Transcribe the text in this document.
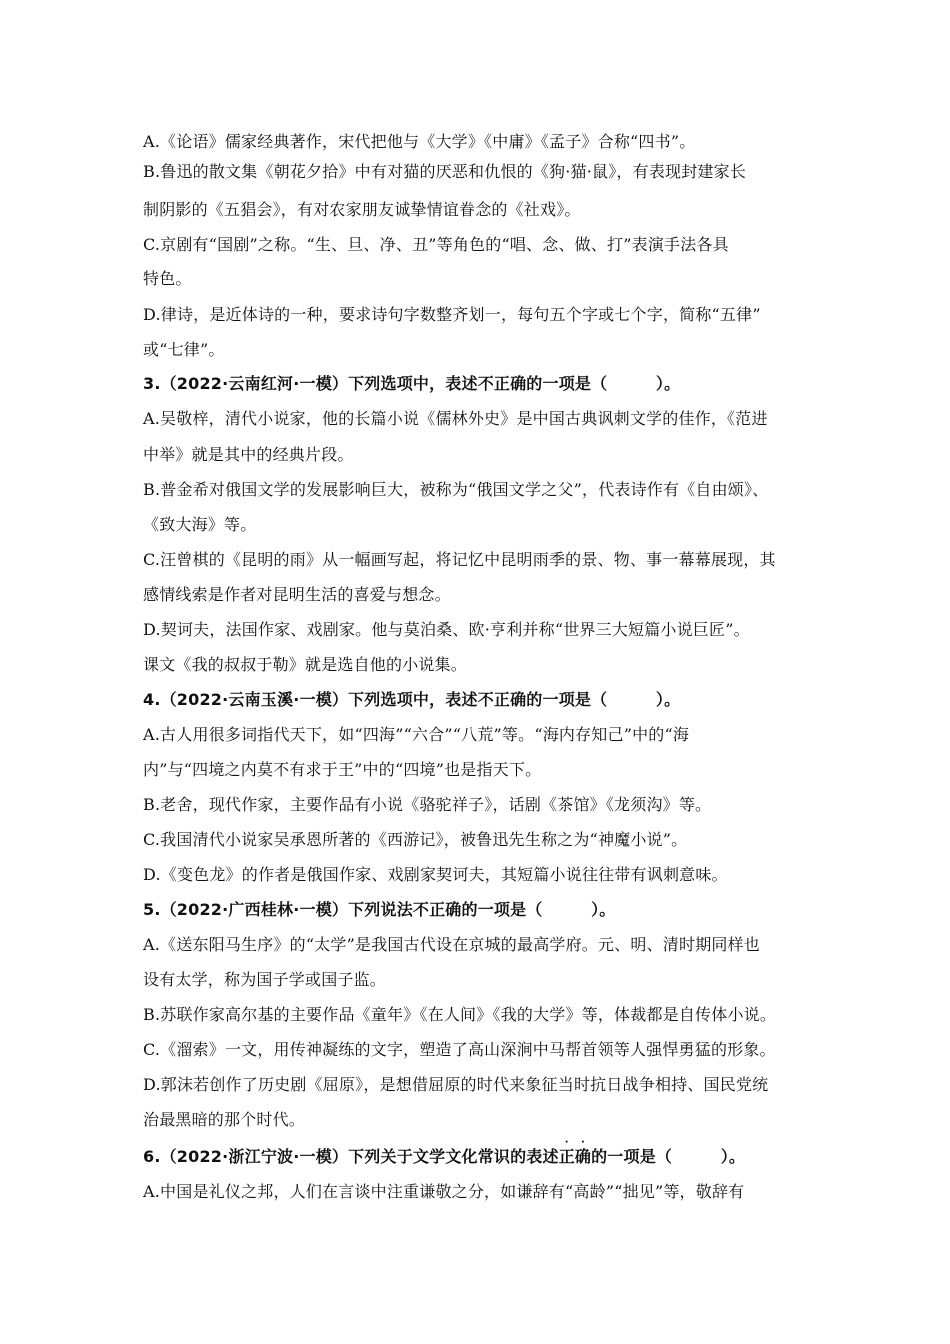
A.《论语》儒家经典著作，宋代把他与《大学》《中庸》《孟子》合称“四书”。
B.鲁迅的散文集《朝花夕拾》中有对猫的厌恶和仇恨的《狗·猫·鼠》，有表现封建家长
制阴影的《五猖会》，有对农家朋友诚挚情谊眷念的《社戏》。
C.京剧有“国剧”之称。“生、旦、净、丑”等角色的“唱、念、做、打”表演手法各具
特色。
D.律诗，是近体诗的一种，要求诗句字数整齐划一，每句五个字或七个字，简称“五律”
或“七律”。
3.（2022·云南红河·一模）下列选项中，表述不正确的一项是（　　　）。
A.吴敬梓，清代小说家，他的长篇小说《儒林外史》是中国古典讽刺文学的佳作，《范进
中举》就是其中的经典片段。
B.普金希对俄国文学的发展影响巨大，被称为“俄国文学之父”，代表诗作有《自由颂》、
《致大海》等。
C.汪曾棋的《昆明的雨》从一幅画写起，将记忆中昆明雨季的景、物、事一幕幕展现，其
感情线索是作者对昆明生活的喜爱与想念。
D.契诃夫，法国作家、戏剧家。他与莫泊桑、欧·亨利并称“世界三大短篇小说巨匠”。
课文《我的叔叔于勒》就是选自他的小说集。
4.（2022·云南玉溪·一模）下列选项中，表述不正确的一项是（　　　）。
A.古人用很多词指代天下，如“四海”“六合”“八荒”等。“海内存知己”中的“海
内”与“四境之内莫不有求于王”中的“四境”也是指天下。
B.老舍，现代作家，主要作品有小说《骆驼祥子》，话剧《茶馆》《龙须沟》等。
C.我国清代小说家吴承恩所著的《西游记》，被鲁迅先生称之为“神魔小说”。
D.《变色龙》的作者是俄国作家、戏剧家契诃夫，其短篇小说往往带有讽刺意味。
5.（2022·广西桂林·一模）下列说法不正确的一项是（　　　）。
A.《送东阳马生序》的“太学”是我国古代设在京城的最高学府。元、明、清时期同样也
设有太学，称为国子学或国子监。
B.苏联作家高尔基的主要作品《童年》《在人间》《我的大学》等，体裁都是自传体小说。
C.《溜索》一文，用传神凝练的文字，塑造了高山深涧中马帮首领等人强悍勇猛的形象。
D.郭沫若创作了历史剧《屈原》，是想借屈原的时代来象征当时抗日战争相持、国民党统
治最黑暗的那个时代。
6.（2022·浙江宁波·一模）下列关于文学文化常识的表述
·
正
·
确的一项是（　　　）。
A.中国是礼仪之邦，人们在言谈中注重谦敬之分，如谦辞有“高龄”“拙见”等，敬辞有
